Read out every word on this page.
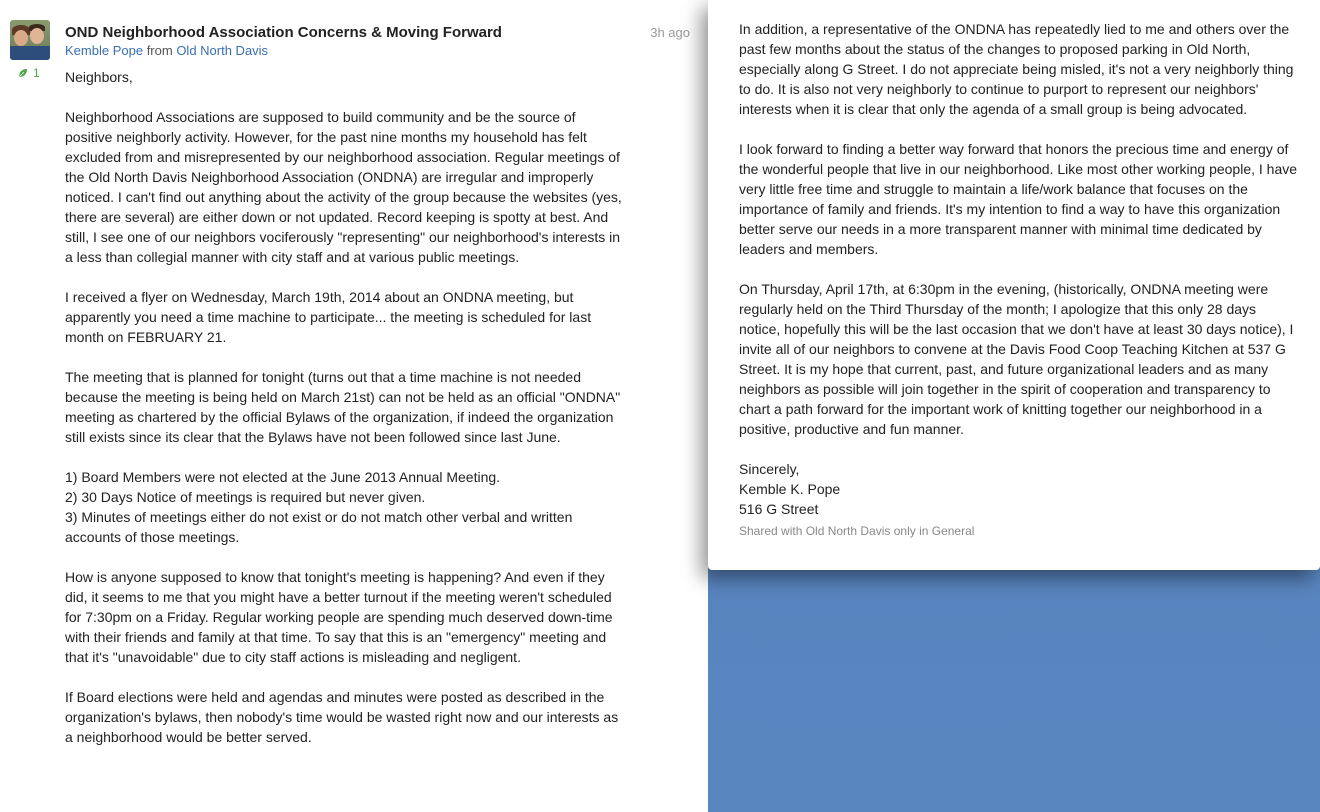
1
OND Neighborhood Association Concerns & Moving Forward	3h ago
Kemble Pope from Old North Davis

Neighbors,

Neighborhood Associations are supposed to build community and be the source of positive neighborly activity. However, for the past nine months my household has felt excluded from and misrepresented by our neighborhood association. Regular meetings of the Old North Davis Neighborhood Association (ONDNA) are irregular and improperly noticed. I can't find out anything about the activity of the group because the websites (yes, there are several) are either down or not updated. Record keeping is spotty at best. And still, I see one of our neighbors vociferously "representing" our neighborhood's interests in a less than collegial manner with city staff and at various public meetings.

I received a flyer on Wednesday, March 19th, 2014 about an ONDNA meeting, but apparently you need a time machine to participate... the meeting is scheduled for last month on FEBRUARY 21.

The meeting that is planned for tonight (turns out that a time machine is not needed because the meeting is being held on March 21st) can not be held as an official "ONDNA" meeting as chartered by the official Bylaws of the organization, if indeed the organization still exists since its clear that the Bylaws have not been followed since last June.

1) Board Members were not elected at the June 2013 Annual Meeting.
2) 30 Days Notice of meetings is required but never given.
3) Minutes of meetings either do not exist or do not match other verbal and written accounts of those meetings.

How is anyone supposed to know that tonight's meeting is happening? And even if they did, it seems to me that you might have a better turnout if the meeting weren't scheduled for 7:30pm on a Friday. Regular working people are spending much deserved down-time with their friends and family at that time. To say that this is an "emergency" meeting and that it's "unavoidable" due to city staff actions is misleading and negligent.

If Board elections were held and agendas and minutes were posted as described in the organization's bylaws, then nobody's time would be wasted right now and our interests as a neighborhood would be better served.

In addition, a representative of the ONDNA has repeatedly lied to me and others over the past few months about the status of the changes to proposed parking in Old North, especially along G Street. I do not appreciate being misled, it's not a very neighborly thing to do. It is also not very neighborly to continue to purport to represent our neighbors' interests when it is clear that only the agenda of a small group is being advocated.

I look forward to finding a better way forward that honors the precious time and energy of the wonderful people that live in our neighborhood. Like most other working people, I have very little free time and struggle to maintain a life/work balance that focuses on the importance of family and friends. It's my intention to find a way to have this organization better serve our needs in a more transparent manner with minimal time dedicated by leaders and members.

On Thursday, April 17th, at 6:30pm in the evening, (historically, ONDNA meeting were regularly held on the Third Thursday of the month; I apologize that this only 28 days notice, hopefully this will be the last occasion that we don't have at least 30 days notice), I invite all of our neighbors to convene at the Davis Food Coop Teaching Kitchen at 537 G Street. It is my hope that current, past, and future organizational leaders and as many neighbors as possible will join together in the spirit of cooperation and transparency to chart a path forward for the important work of knitting together our neighborhood in a positive, productive and fun manner.

Sincerely,
Kemble K. Pope
516 G Street
Shared with Old North Davis only in General
